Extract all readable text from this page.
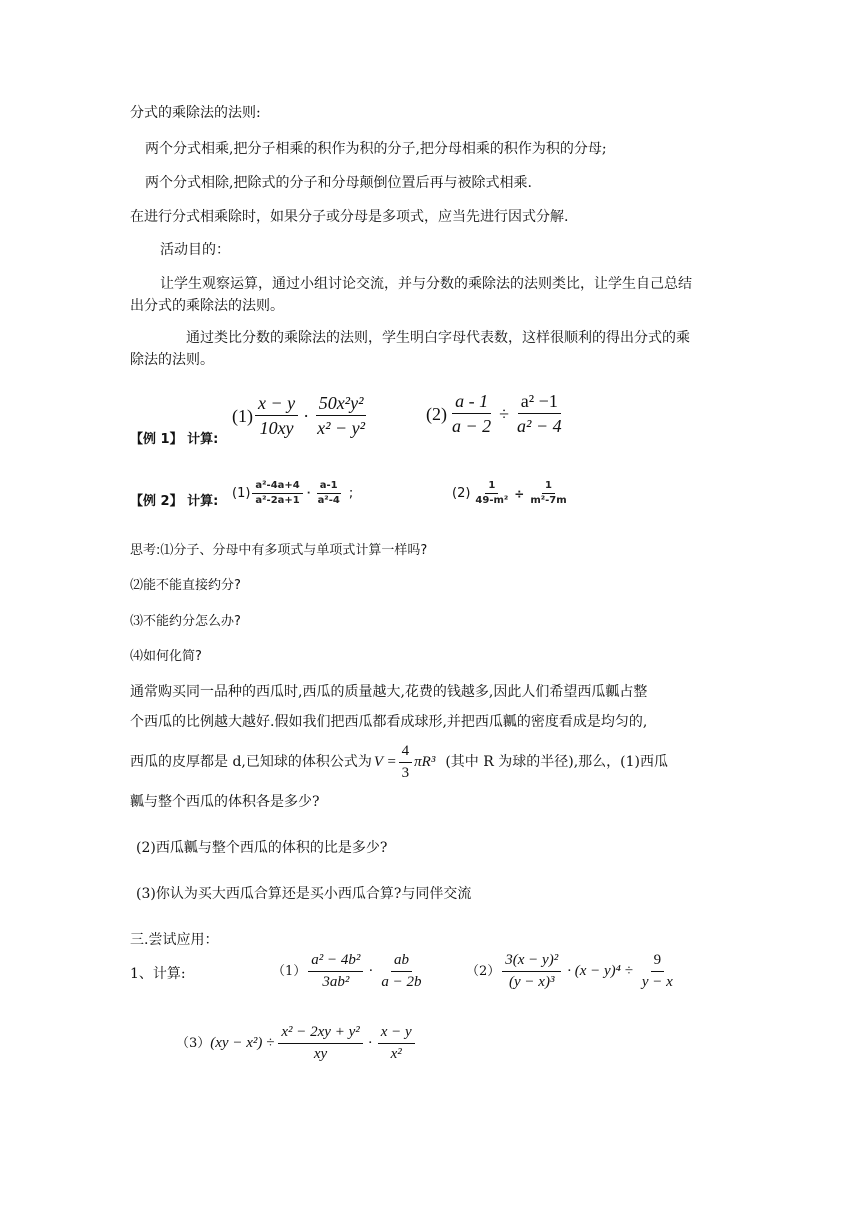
分式的乘除法的法则:
两个分式相乘,把分子相乘的积作为积的分子,把分母相乘的积作为积的分母;
两个分式相除,把除式的分子和分母颠倒位置后再与被除式相乘.
在进行分式相乘除时，如果分子或分母是多项式，应当先进行因式分解.
活动目的：
让学生观察运算，通过小组讨论交流，并与分数的乘除法的法则类比，让学生自己总结
出分式的乘除法的法则。
通过类比分数的乘除法的法则，学生明白字母代表数，这样很顺利的得出分式的乘
除法的法则。
【例 1】 计算:
$(1) \frac{x - y}{10xy} \cdot \frac{\text{50x²y²}}{\text{x² − y²}}$	$(2) \frac{a - 1}{a - 2} \div \frac{\text{a² −1}}{\text{a² − 4}}$
【例 2】 计算:
$(1) \frac{\text{a²-4a+4}}{\text{a²-2a+1}} \cdot \frac{a-1}{\text{a²-4}}$ ;	$(2) \frac{1}{\text{49-m²}} \div \frac{1}{\text{m²-7m}}$
思考:⑴分子、分母中有多项式与单项式计算一样吗?
⑵能不能直接约分?
⑶不能约分怎么办?
⑷如何化简?
通常购买同一品种的西瓜时,西瓜的质量越大,花费的钱越多,因此人们希望西瓜瓤占整
个西瓜的比例越大越好.假如我们把西瓜都看成球形,并把西瓜瓤的密度看成是均匀的,
西瓜的皮厚都是 d,已知球的体积公式为 $V = \frac{4}{3} \pi R^3$ (其中 R 为球的半径),那么，(1)西瓜
瓤与整个西瓜的体积各是多少?
(2)西瓜瓤与整个西瓜的体积的比是多少?
(3)你认为买大西瓜合算还是买小西瓜合算?与同伴交流
三.尝试应用：
1、计算:	$(1) \frac{\text{a² − 4b²}}{\text{3ab²}} \cdot \frac{ab}{a - 2b}$	$(2) \frac{\text{3(x − y)²}}{\text{(y − x)³}} \cdot (x - y)^4 \div \frac{9}{y - x}$
（3） $(xy - x^2) \div \frac{\text{x² − 2xy + y²}}{xy} \cdot \frac{x - y}{\text{x²}}$
